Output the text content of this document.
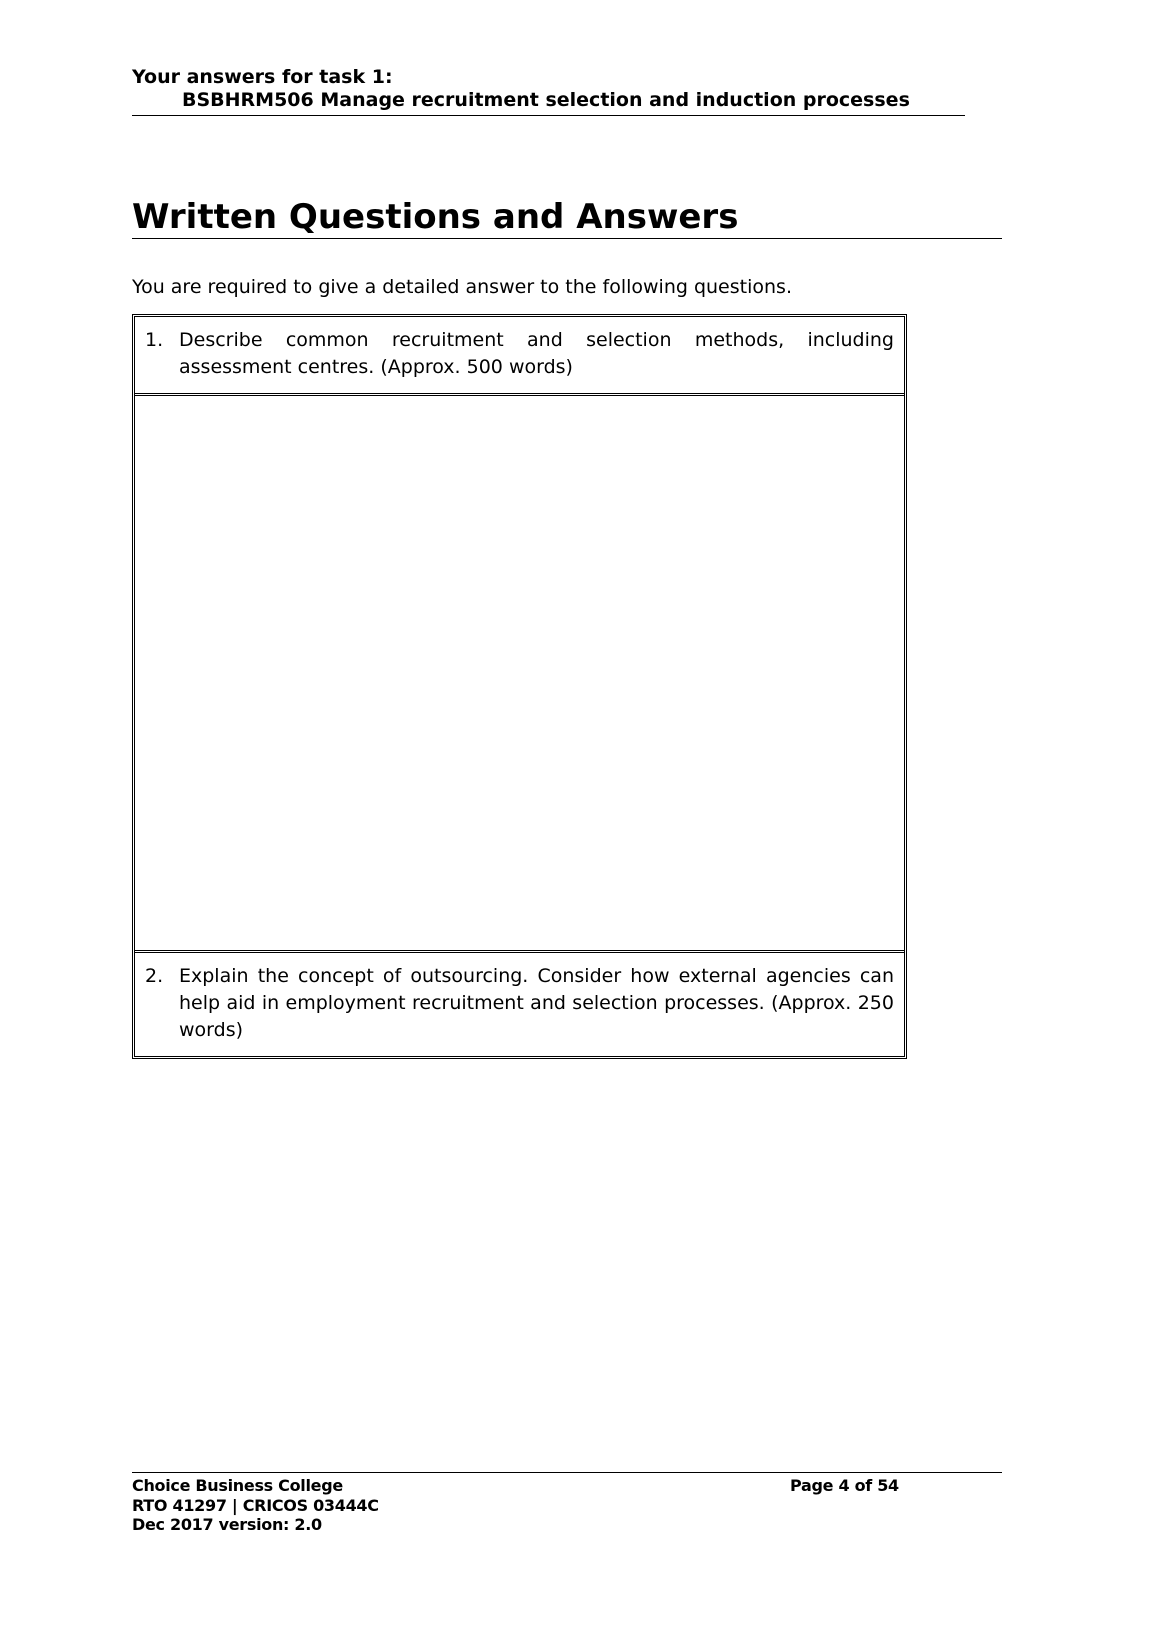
Your answers for task 1:
BSBHRM506 Manage recruitment selection and induction processes
Written Questions and Answers
You are required to give a detailed answer to the following questions.
1. Describe common recruitment and selection methods, including assessment centres. (Approx. 500 words)

2. Explain the concept of outsourcing. Consider how external agencies can help aid in employment recruitment and selection processes. (Approx. 250 words)
Choice Business College
RTO 41297 | CRICOS 03444C
Dec 2017 version: 2.0
Page 4 of 54
